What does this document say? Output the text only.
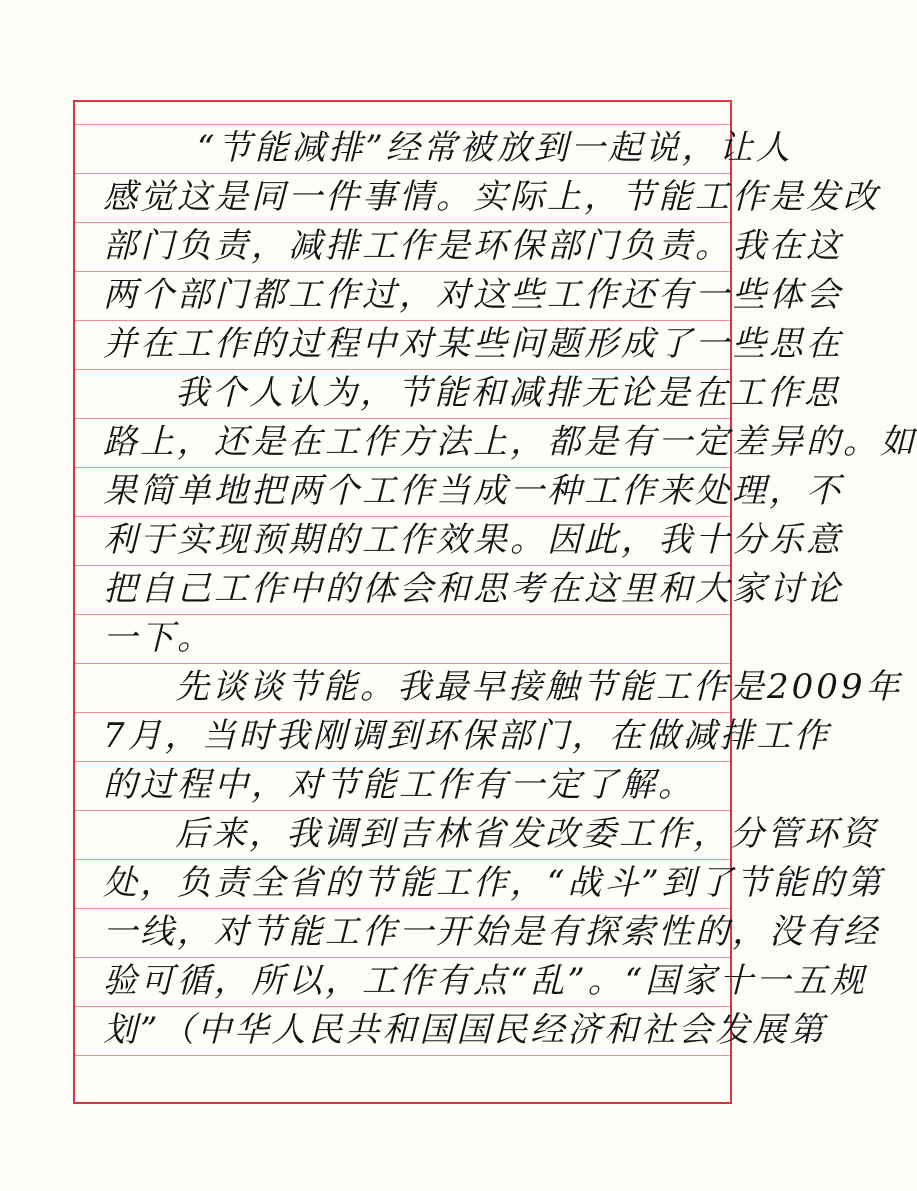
“节能减排”经常被放到一起说，让人
感觉这是同一件事情。实际上，节能工作是发改
部门负责，减排工作是环保部门负责。我在这
两个部门都工作过，对这些工作还有一些体会
并在工作的过程中对某些问题形成了一些思在
我个人认为，节能和减排无论是在工作思
路上，还是在工作方法上，都是有一定差异的。如
果简单地把两个工作当成一种工作来处理，不
利于实现预期的工作效果。因此，我十分乐意
把自己工作中的体会和思考在这里和大家讨论
一下。
先谈谈节能。我最早接触节能工作是2009年
7月，当时我刚调到环保部门，在做减排工作
的过程中，对节能工作有一定了解。
后来，我调到吉林省发改委工作，分管环资
处，负责全省的节能工作，“战斗”到了节能的第
一线，对节能工作一开始是有探索性的，没有经
验可循，所以，工作有点“乱”。“国家十一五规
划”（中华人民共和国国民经济和社会发展第
